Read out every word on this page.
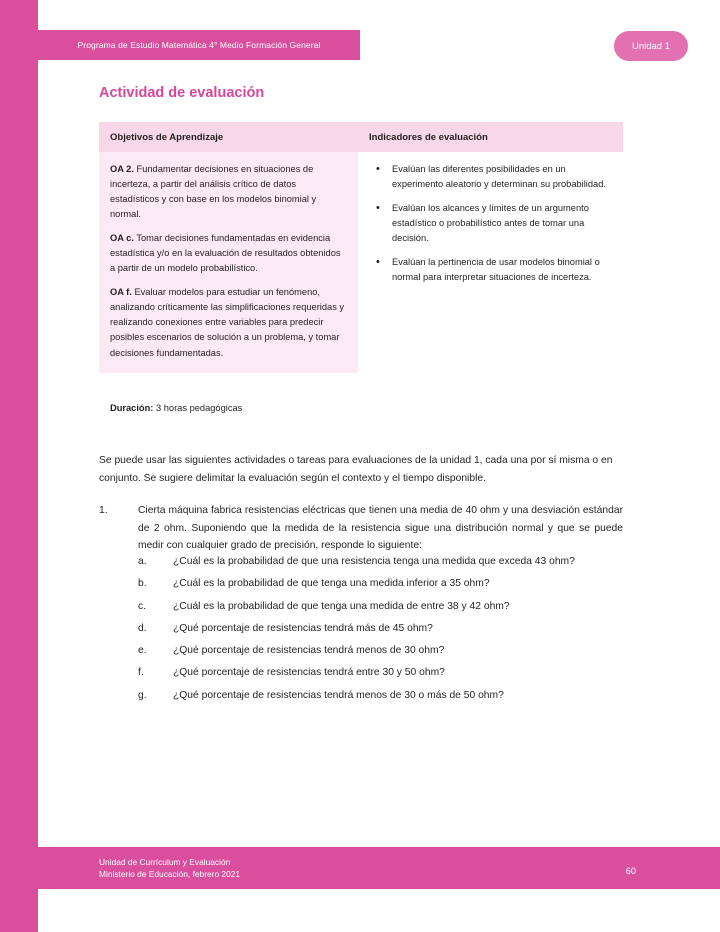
Programa de Estudio Matemática 4° Medio Formación General	Unidad 1
Actividad de evaluación
Objetivos de Aprendizaje	Indicadores de evaluación

OA 2. Fundamentar decisiones en situaciones de incerteza, a partir del análisis crítico de datos estadísticos y con base en los modelos binomial y normal.

OA c. Tomar decisiones fundamentadas en evidencia estadística y/o en la evaluación de resultados obtenidos a partir de un modelo probabilístico.

OA f. Evaluar modelos para estudiar un fenómeno, analizando críticamente las simplificaciones requeridas y realizando conexiones entre variables para predecir posibles escenarios de solución a un problema, y tomar decisiones fundamentadas.

• Evalúan las diferentes posibilidades en un experimento aleatorio y determinan su probabilidad.
• Evalúan los alcances y límites de un argumento estadístico o probabilístico antes de tomar una decisión.
• Evalúan la pertinencia de usar modelos binomial o normal para interpretar situaciones de incerteza.
Duración: 3 horas pedagógicas
Se puede usar las siguientes actividades o tareas para evaluaciones de la unidad 1, cada una por sí misma o en conjunto. Se sugiere delimitar la evaluación según el contexto y el tiempo disponible.
1.	Cierta máquina fabrica resistencias eléctricas que tienen una media de 40 ohm y una desviación estándar de 2 ohm. Suponiendo que la medida de la resistencia sigue una distribución normal y que se puede medir con cualquier grado de precisión, responde lo siguiente:
a.	¿Cuál es la probabilidad de que una resistencia tenga una medida que exceda 43 ohm?
b.	¿Cuál es la probabilidad de que tenga una medida inferior a 35 ohm?
c.	¿Cuál es la probabilidad de que tenga una medida de entre 38 y 42 ohm?
d.	¿Qué porcentaje de resistencias tendrá más de 45 ohm?
e.	¿Qué porcentaje de resistencias tendrá menos de 30 ohm?
f.	¿Qué porcentaje de resistencias tendrá entre 30 y 50 ohm?
g.	¿Qué porcentaje de resistencias tendrá menos de 30 o más de 50 ohm?
Unidad de Currículum y Evaluación
Ministerio de Educación, febrero 2021	60
